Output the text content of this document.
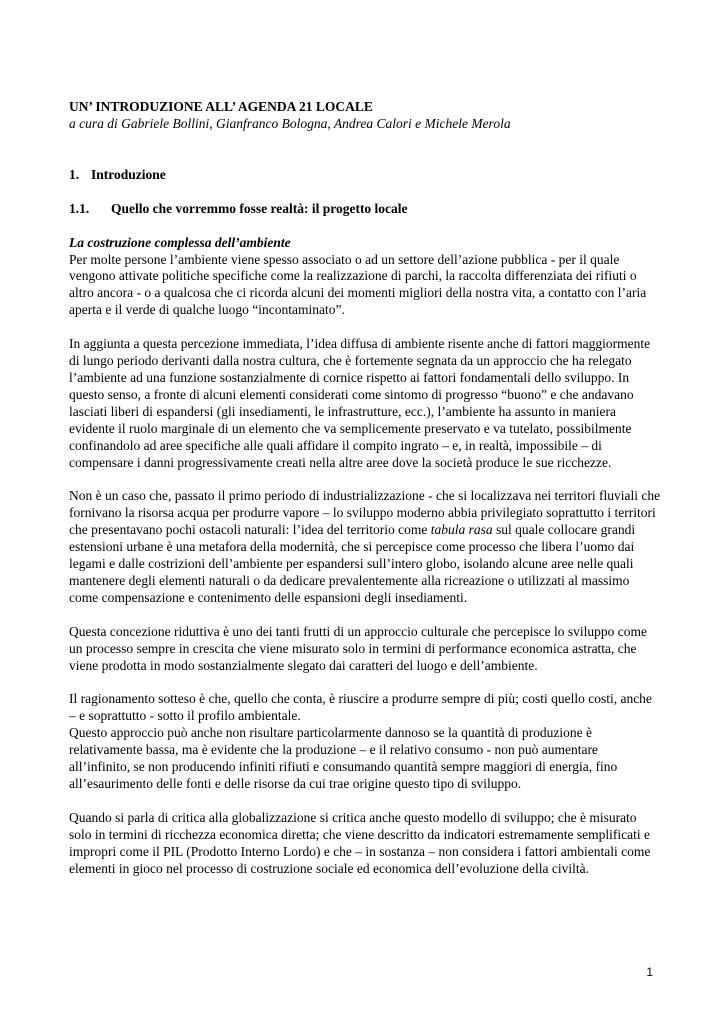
UN’ INTRODUZIONE ALL’ AGENDA 21 LOCALE

a cura di Gabriele Bollini, Gianfranco Bologna, Andrea Calori e Michele Merola

1. Introduzione

1.1. Quello che vorremmo fosse realtà: il progetto locale

La costruzione complessa dell’ambiente

Per molte persone l’ambiente viene spesso associato o ad un settore dell’azione pubblica - per il quale vengono attivate politiche specifiche come la realizzazione di parchi, la raccolta differenziata dei rifiuti o altro ancora - o a qualcosa che ci ricorda alcuni dei momenti migliori della nostra vita, a contatto con l’aria aperta e il verde di qualche luogo “incontaminato”.

In aggiunta a questa percezione immediata, l’idea diffusa di ambiente risente anche di fattori maggiormente di lungo periodo derivanti dalla nostra cultura, che è fortemente segnata da un approccio che ha relegato l’ambiente ad una funzione sostanzialmente di cornice rispetto ai fattori fondamentali dello sviluppo. In questo senso, a fronte di alcuni elementi considerati come sintomo di progresso “buono” e che andavano lasciati liberi di espandersi (gli insediamenti, le infrastrutture, ecc.), l’ambiente ha assunto in maniera evidente il ruolo marginale di un elemento che va semplicemente preservato e va tutelato, possibilmente confinandolo ad aree specifiche alle quali affidare il compito ingrato – e, in realtà, impossibile – di compensare i danni progressivamente creati nella altre aree dove la società produce le sue ricchezze.

Non è un caso che, passato il primo periodo di industrializzazione - che si localizzava nei territori fluviali che fornivano la risorsa acqua per produrre vapore – lo sviluppo moderno abbia privilegiato soprattutto i territori che presentavano pochi ostacoli naturali: l’idea del territorio come tabula rasa sul quale collocare grandi estensioni urbane è una metafora della modernità, che si percepisce come processo che libera l’uomo dai legami e dalle costrizioni dell’ambiente per espandersi sull’intero globo, isolando alcune aree nelle quali mantenere degli elementi naturali o da dedicare prevalentemente alla ricreazione o utilizzati al massimo come compensazione e contenimento delle espansioni degli insediamenti.

Questa concezione riduttiva è uno dei tanti frutti di un approccio culturale che percepisce lo sviluppo come un processo sempre in crescita che viene misurato solo in termini di performance economica astratta, che viene prodotta in modo sostanzialmente slegato dai caratteri del luogo e dell’ambiente.

Il ragionamento sotteso è che, quello che conta, è riuscire a produrre sempre di più; costi quello costi, anche – e soprattutto - sotto il profilo ambientale.

Questo approccio può anche non risultare particolarmente dannoso se la quantità di produzione è relativamente bassa, ma è evidente che la produzione – e il relativo consumo - non può aumentare all’infinito, se non producendo infiniti rifiuti e consumando quantità sempre maggiori di energia, fino all’esaurimento delle fonti e delle risorse da cui trae origine questo tipo di sviluppo.

Quando si parla di critica alla globalizzazione si critica anche questo modello di sviluppo; che è misurato solo in termini di ricchezza economica diretta; che viene descritto da indicatori estremamente semplificati e impropri come il PIL (Prodotto Interno Lordo) e che – in sostanza – non considera i fattori ambientali come elementi in gioco nel processo di costruzione sociale ed economica dell’evoluzione della civiltà.

1
